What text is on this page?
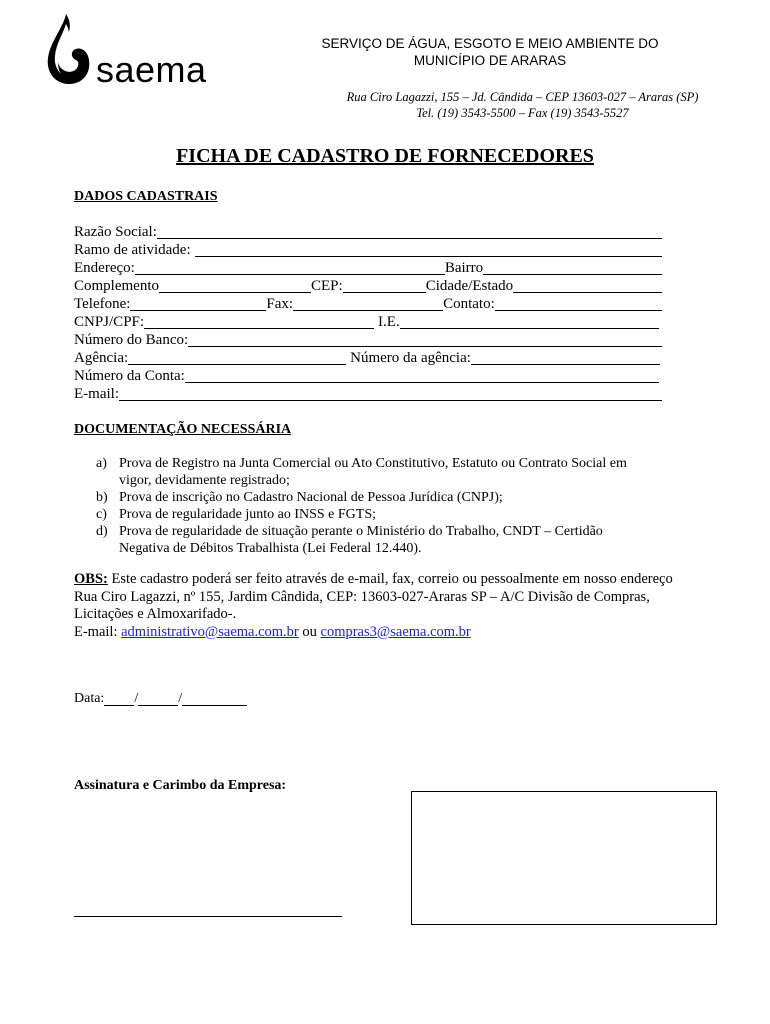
saema
SERVIÇO DE ÁGUA, ESGOTO E MEIO AMBIENTE DO
MUNICÍPIO DE ARARAS
Rua Ciro Lagazzi, 155 – Jd. Cândida – CEP 13603-027 – Araras (SP)
Tel. (19) 3543-5500 – Fax (19) 3543-5527
FICHA DE CADASTRO DE FORNECEDORES
DADOS CADASTRAIS
Razão Social:
Ramo de atividade:
Endereço:	Bairro
Complemento	CEP:	Cidade/Estado
Telefone:	Fax:	Contato:
CNPJ/CPF:	I.E.
Número do Banco:
Agência:	Número da agência:
Número da Conta:
E-mail:
DOCUMENTAÇÃO NECESSÁRIA
a) Prova de Registro na Junta Comercial ou Ato Constitutivo, Estatuto ou Contrato Social em
vigor, devidamente registrado;
b) Prova de inscrição no Cadastro Nacional de Pessoa Jurídica (CNPJ);
c) Prova de regularidade junto ao INSS e FGTS;
d) Prova de regularidade de situação perante o Ministério do Trabalho, CNDT – Certidão
Negativa de Débitos Trabalhista (Lei Federal 12.440).
OBS: Este cadastro poderá ser feito através de e-mail, fax, correio ou pessoalmente em nosso endereço Rua Ciro Lagazzi, nº 155, Jardim Cândida, CEP: 13603-027-Araras SP – A/C Divisão de Compras, Licitações e Almoxarifado-.
E-mail: administrativo@saema.com.br ou compras3@saema.com.br
Data: /	/
Assinatura e Carimbo da Empresa:
